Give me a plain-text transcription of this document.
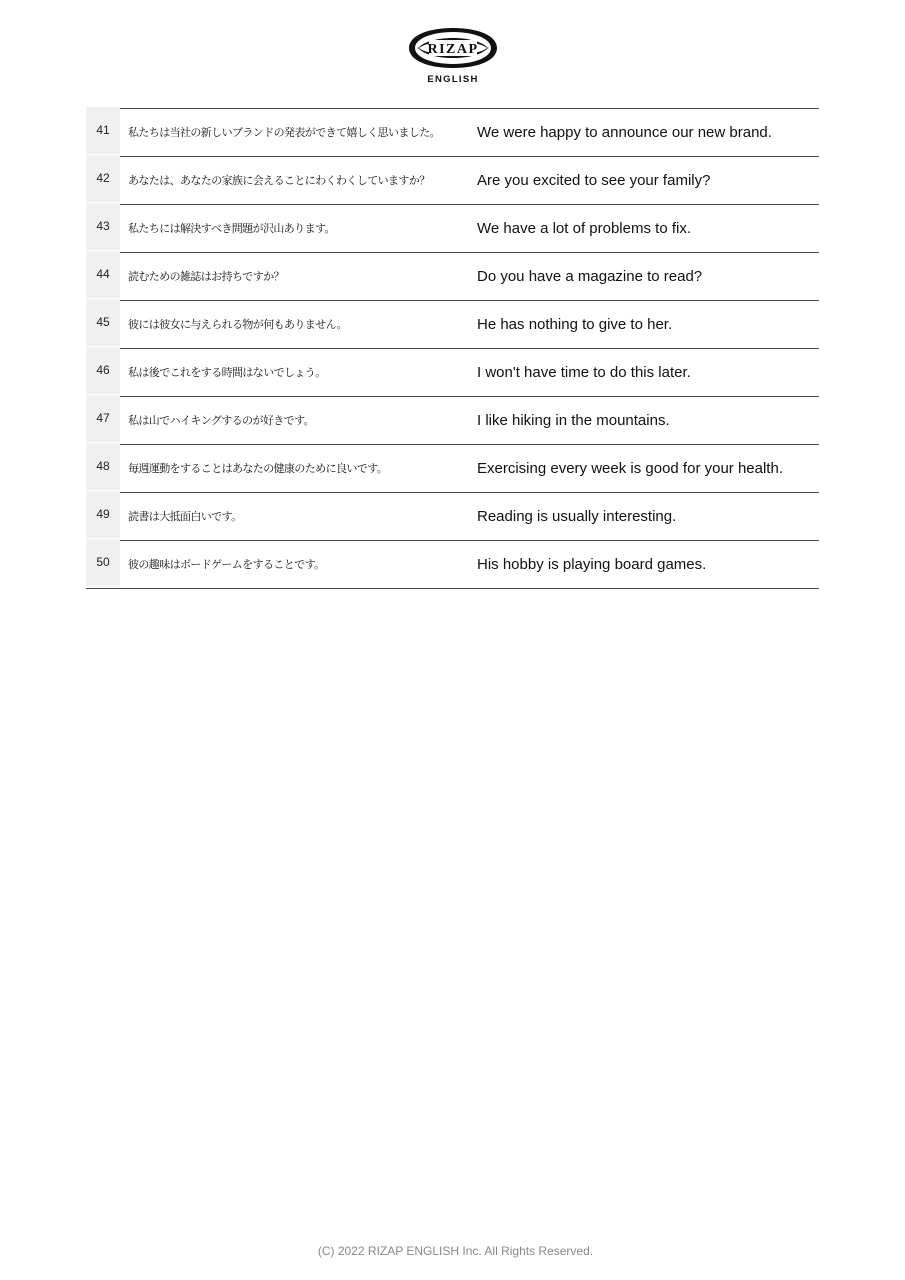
RIZAP
ENGLISH
41	私たちは当社の新しいブランドの発表ができて嬉しく思いました。	We were happy to announce our new brand.
42	あなたは、あなたの家族に会えることにわくわくしていますか？	Are you excited to see your family?
43	私たちには解決すべき問題が沢山あります。	We have a lot of problems to fix.
44	読むための雑誌はお持ちですか？	Do you have a magazine to read?
45	彼には彼女に与えられる物が何もありません。	He has nothing to give to her.
46	私は後でこれをする時間はないでしょう。	I won't have time to do this later.
47	私は山でハイキングするのが好きです。	I like hiking in the mountains.
48	毎週運動をすることはあなたの健康のために良いです。	Exercising every week is good for your health.
49	読書は大抵面白いです。	Reading is usually interesting.
50	彼の趣味はボードゲームをすることです。	His hobby is playing board games.
(C) 2022 RIZAP ENGLISH Inc. All Rights Reserved.
